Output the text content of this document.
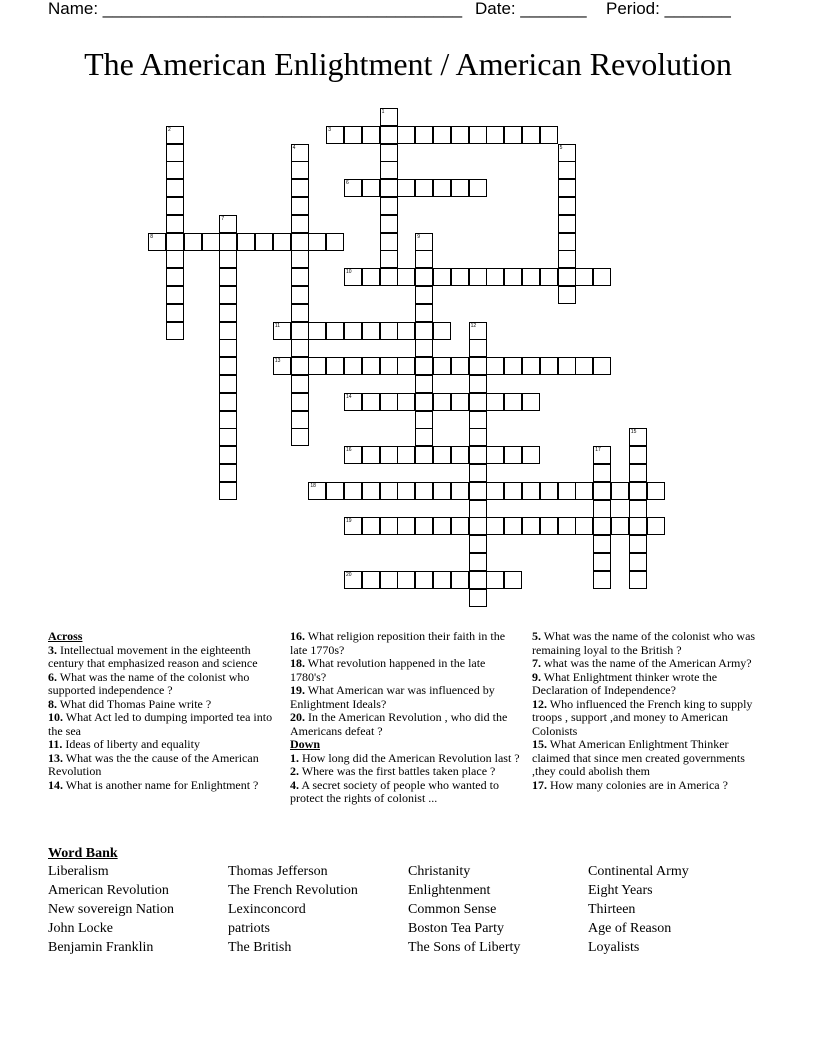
Name: ______________________________________ Date: _______ Period: _______
The American Enlightment / American Revolution
1
2	3
4	5
6
7
8	9
10
11	12
13
14
15
16	17
18
19
20
Across
3. Intellectual movement in the eighteenth century that emphasized reason and science
6. What was the name of the colonist who supported independence ?
8. What did Thomas Paine write ?
10. What Act led to dumping imported tea into the sea
11. Ideas of liberty and equality
13. What was the the cause of the American Revolution
14. What is another name for Enlightment ?
16. What religion reposition their faith in the late 1770s?
18. What revolution happened in the late 1780's?
19. What American war was influenced by Enlightment Ideals?
20. In the American Revolution , who did the Americans defeat ?
Down
1. How long did the American Revolution last ?
2. Where was the first battles taken place ?
4. A secret society of people who wanted to protect the rights of colonist ...
5. What was the name of the colonist who was remaining loyal to the British ?
7. what was the name of the American Army?
9. What Enlightment thinker wrote the Declaration of Independence?
12. Who influenced the French king to supply troops , support ,and money to American Colonists
15. What American Enlightment Thinker claimed that since men created governments ,they could abolish them
17. How many colonies are in America ?
Word Bank
Liberalism
American Revolution
New sovereign Nation
John Locke
Benjamin Franklin
Thomas Jefferson
The French Revolution
Lexinconcord
patriots
The British
Christanity
Enlightenment
Common Sense
Boston Tea Party
The Sons of Liberty
Continental Army
Eight Years
Thirteen
Age of Reason
Loyalists
